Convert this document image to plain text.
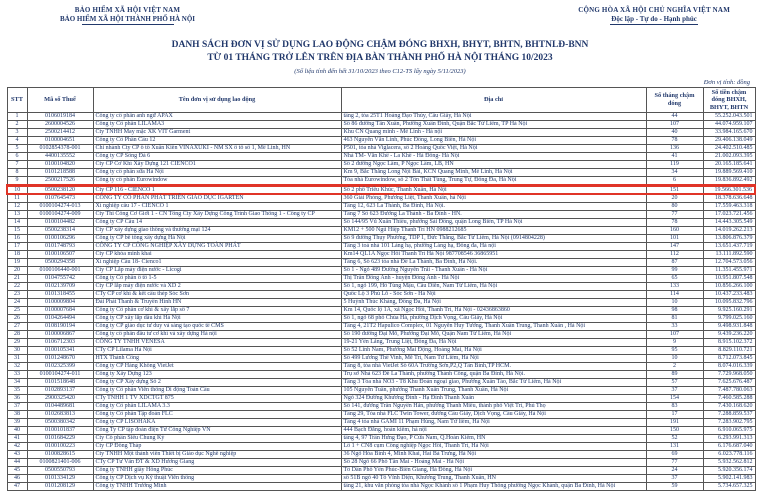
BẢO HIỂM XÃ HỘI VIỆT NAM
BẢO HIỂM XÃ HỘI THÀNH PHỐ HÀ NỘI
CỘNG HÒA XÃ HỘI CHỦ NGHĨA VIỆT NAM
Độc lập - Tự do - Hạnh phúc
DANH SÁCH ĐƠN VỊ SỬ DỤNG LAO ĐỘNG CHẬM ĐÓNG BHXH, BHYT, BHTN, BHTNLĐ-BNN
TỪ 01 THÁNG TRỞ LÊN TRÊN ĐỊA BÀN THÀNH PHỐ HÀ NỘI THÁNG 10/2023
(Số liệu tính đến hết 31/10/2023 theo C12-TS lấy ngày 5/11/2023)
Đơn vị tính: đồng
STT	Mã số Thuế	Tên đơn vị sử dụng lao động	Địa chỉ	Số tháng chậm đóng	Số tiền chậm đóng BHXH, BHYT, BHTN
1	0106019184	Công ty cổ phần anh ngữ APAX	tầng 2, tòa 25T1 Hoàng Đạo Thúy, Cầu Giấy, Hà Nội	44	55.252.043.501
2	2600004526	Công ty Cổ phần LILAMA3	Số 86 đường Tân Xuân, Phường Xuân Đỉnh, Quận Bắc Từ Liêm, TP Hà Nội	107	44.074.959.107
3	2500214412	Cty TNHH May mặc XK VIT Garment	Khu CN Quang minh - Mê Linh - Hà nội	40	33.984.165.670
4	0100004651	Công ty Cổ Phần Cầu 12	463 Nguyễn Văn Linh, Phúc Đồng, Long Biên, Hà Nội	78	29.406.138.049
5	0102854378-001	Chi nhánh Cty CP ô tô Xuân Kiên VINAXUKI - NM SX ô tô số 1, Mê Linh, HN	P501, tòa nhà Viglacera, số 2 Hoàng Quốc Việt, Hà Nội	136	24.402.510.485
6	4400135552	Công ty CP Sông Đà 6	Nhà TM- Văn Khê - La Khê - Hà Đông- Hà Nội	41	21.002.093.395
7	0100104820	Cty CP Cơ Khí Xây Dựng 121 CIENCO1	Số 2 đường Ngọc Lâm, P Ngọc Lâm, LB, HN	119	20.165.185.641
8	0101218588	Công ty cổ phần sữa Hà Nội	Km 9, Bắc Thăng Long Nội Bài, KCN Quang Minh, Mê Linh, Hà Nội	34	19.889.569.410
9	2500217526	Công ty cổ phần Eurowindow	Tòa nhà Eurowindow, số 2 Tôn Thất Tùng, Trung Tự, Đống Đa, Hà Nội	6	19.836.892.492
10	0500238120	Cty CP 116 - CIENCO 1	Số 2 phố Triều Khúc, Thanh Xuân, Hà Nội	151	19.566.301.536
11	0107645473	CÔNG TY CỔ PHẦN PHÁT TRIỂN GIÁO DỤC IGARTEN	360 Giải Phóng, Phương Liệt, Thanh Xuân, hà Nội	20	18.378.636.648
12	0100104274-013	Xí nghiệp cầu 17 - CIENCO 1	Tầng 12, 623 La Thành, Ba Đình, Hà Nội.	80	17.559.463.318
13	0100104274-009	Cty Thi Công Cơ Giới 1 - CN Tổng Cty Xây Dựng Công Trình Giao Thông 1 - Công ty CP	Tầng 7 Số 623 Đường La Thành - Ba Đình - HN.	77	17.023.721.456
14	0100104482	Công ty CP Cầu 14	Số 144/95 Vũ Xuân Thiều, phường Sài Đồng, quận Long Biên, TP Hà Nội	78	14.443.305.549
15	0500238314	Cty CP xây dựng giao thông và thương mại 124	KM12 + 500 Ngũ Hiệp Thanh Trì HN 0988212685	160	14.019.262.213
16	0100106296	Công ty CP bê tông xây dựng Hà Nội	Số 9 đường Thụy Phương, TDP 1, Đức Thắng, Bắc Từ Liêm, Hà Nội (0914804228)	101	13.806.876.379
17	0101748793	CÔNG TY CP CÔNG NGHIỆP XÂY DỰNG TOÀN PHÁT	Tầng 3 toà nhà 101 Láng hạ, phường Láng hạ, Đống đa, Hà nội	147	13.651.437.719
18	0100106507	Cty CP khóa minh khai	Km14 QL1A Ngọc Hồi Thanh Trì Hà Nội 987708546 36865951	112	13.111.892.590
19	0500294358	Xí nghiệp Cầu 18- Cienco1	Tầng 6, Số 623 tòa nhà Đê La Thành, Ba Đình, Hà Nội.	87	12.704.573.056
20	0100106440-001	Cty CP Lắp máy điện nước - Licogi	Số 1 - Ngõ 489 Đường Nguyễn Trãi - Thanh Xuân - Hà Nội	99	11.351.455.971
21	0104755742	Công ty Cổ phần ô tô 1-5	Thị Trấn Đông Anh - huyện Đông Anh - Hà Nội	65	10.951.807.548
22	0102139709	Cty CP lắp máy điện nước và XD 2	Số 1, ngõ 199, Hồ Tùng Mậu, Cầu Diễn, Nam Từ Liêm, Hà Nội	133	10.856.266.100
23	0101318455	CTy CP cơ khí & kết cấu thép Sóc Sơn	Quốc Lộ 3 Phù Lỗ - Sóc Sơn - Hà Nội	114	10.437.233.483
24	0100009804	Đài Phát Thanh & Truyền Hình HN	5 Huỳnh Thúc Kháng, Đống Đa, Hà Nội	10	10.095.832.796
25	0100007684	Công ty Cổ phần cơ khí & xây lắp số 7	Km 14, Quốc lộ 1A, xã Ngọc Hồi, Thanh Trì, Hà Nội - 02436863860	98	9.925.160.291
26	0104264494	Công ty CP xây lắp dầu khí Hà Nội	Số 1, ngõ 68 phố Chùa Hà, phường Dịch Vọng, Cầu Giấy, Hà Nội	81	9.799.025.160
27	0108190194	Công ty CP giáo dục tư duy và sáng tạo quốc tế CMS	Tầng 4, 21T2 Hapulico Complex, 01 Nguyễn Huy Tưởng, Thanh Xuân Trung, Thanh Xuân , Hà Nội	33	9.498.931.848
28	0100006867	Công ty cổ phần đầu tư cơ khí và xây dựng Hà nội	Số 190 đường Đại Mỗ, Phường Đại Mỗ, Quận Nam Từ Liêm, Hà Nội	107	9.439.236.220
29	0106712303	CÔNG TY TNHH VENESA	19-21 Yên Lãng, Trung Liệt, Đống Đa, Hà Nội	9	8.915.102.372
30	0100105341	CTy CP Lilama Hà Nội	Số 52 Lĩnh Nam, Phường Mai Động, Hoàng Mai, Hà Nội	95	8.829.110.721
31	0101248670	HTX Thành Công	Số 499 Lương Thế Vinh, Mễ Trì, Nam Từ Liêm, Hà Nội	10	8.712.073.845
32	0102325399	Công ty CP Hàng Không VietJet	Tầng 8, tòa nhà VietJet Số 60A Trường Sơn,P2,Q Tân Bình,TP HCM.	2	8.074.016.339
33	0100104274-011	Công ty Xây Dựng 123	Trụ sở Nhà 623 Đê La Thành, phường Thành Công, quận Ba Đình, Hà Nội.	89	7.729.968.050
34	0101518648	Công ty CP Xây dựng Số 2	Tầng 3 Tòa nhà NO3 - T8 Khu Đoàn ngoại giao, Phường Xuân Tảo, Bắc Từ Liêm, Hà Nội	57	7.625.676.487
35	0102893137	Công ty Cổ phần Viễn thông Di động Toàn Cầu	105 Nguyễn Tuân, phường Thanh Xuân Trung, Thanh Xuân, Hà Nội	37	7.487.780.063
36	2900325420	CTy TNHH 1 TV XDCTGT 875	Ngõ 324 Đường Khương Đình - Hạ Đình Thanh Xuân	154	7.460.585.288
37	0104489681	Công ty Cổ phần LILAMA 3.3	Số 141, đường Trần Nguyên Hãn, phường Thanh Miếu, thành phố Việt Trì, Phú Thọ	83	7.430.168.620
38	0102683813	Công ty Cổ phần Tập đoàn FLC	Tầng 29, Tòa nhà FLC Twin Tower, đường Cầu Giấy, Dịch Vọng, Cầu Giấy, Hà Nội	17	7.288.859.537
39	0500380342	Công ty CP LISOHAKA	Tầng 4 tòa nhà GAMI 11 Phạm Hùng, Nam Từ liêm, Hà Nội	191	7.283.902.795
40	0100101837	Công Ty CP tập đoàn điện Tử Công Nghiệp VN	444 Bạch Đằng, hoàn kiếm, hà nội	150	6.910.065.975
41	0101684229	Cty Cổ phần Siêu Chung Kỳ	tầng 4, 97 Trần Hưng Đạo, P Cửa Nam, Q.Hoàn Kiếm, HN	52	6.293.991.313
42	0100100223	Cty CP Đồng Tháp	Lô 1 + CN8 cụm Công nghiệp Ngọc Hồi, Thanh Trì, Hà Nội	131	6.176.687.040
43	0100828615	Cty TNHH Một thành viên Thiết bị Giáo dục Nghề nghiệp	36 Ngõ Hòa Bình 4, Minh Khai, Hai Bà Trưng, Hà Nội	69	6.023.778.116
44	0100821401-006	CTy CP Tư Vấn ĐT & XD Hương Giang	Số 28 Ngõ 66 Phố Tân Mai - Hoàng Mai - Hà Nội	77	5.932.562.812
45	0500550793	Công ty TNHH giầy Hồng Phúc	Tổ Dân Phố Yên Phúc-Biên Giang, Hà Đông, Hà Nội	24	5.920.356.174
46	0101334129	Công ty CP Dịch vụ Kỹ thuật Viễn thông	số 51B ngõ 40 Tô Vĩnh Diện, Khương Trung, Thanh Xuân, HN	37	5.902.141.983
47	0101208129	Công ty TNHH Trường Minh	tầng 21, khu văn phòng tòa nhà Ngọc Khánh số 1 Phạm Huy Thông phường Ngọc Khánh, quận Ba Đình, Hà Nội	59	5.734.657.325
